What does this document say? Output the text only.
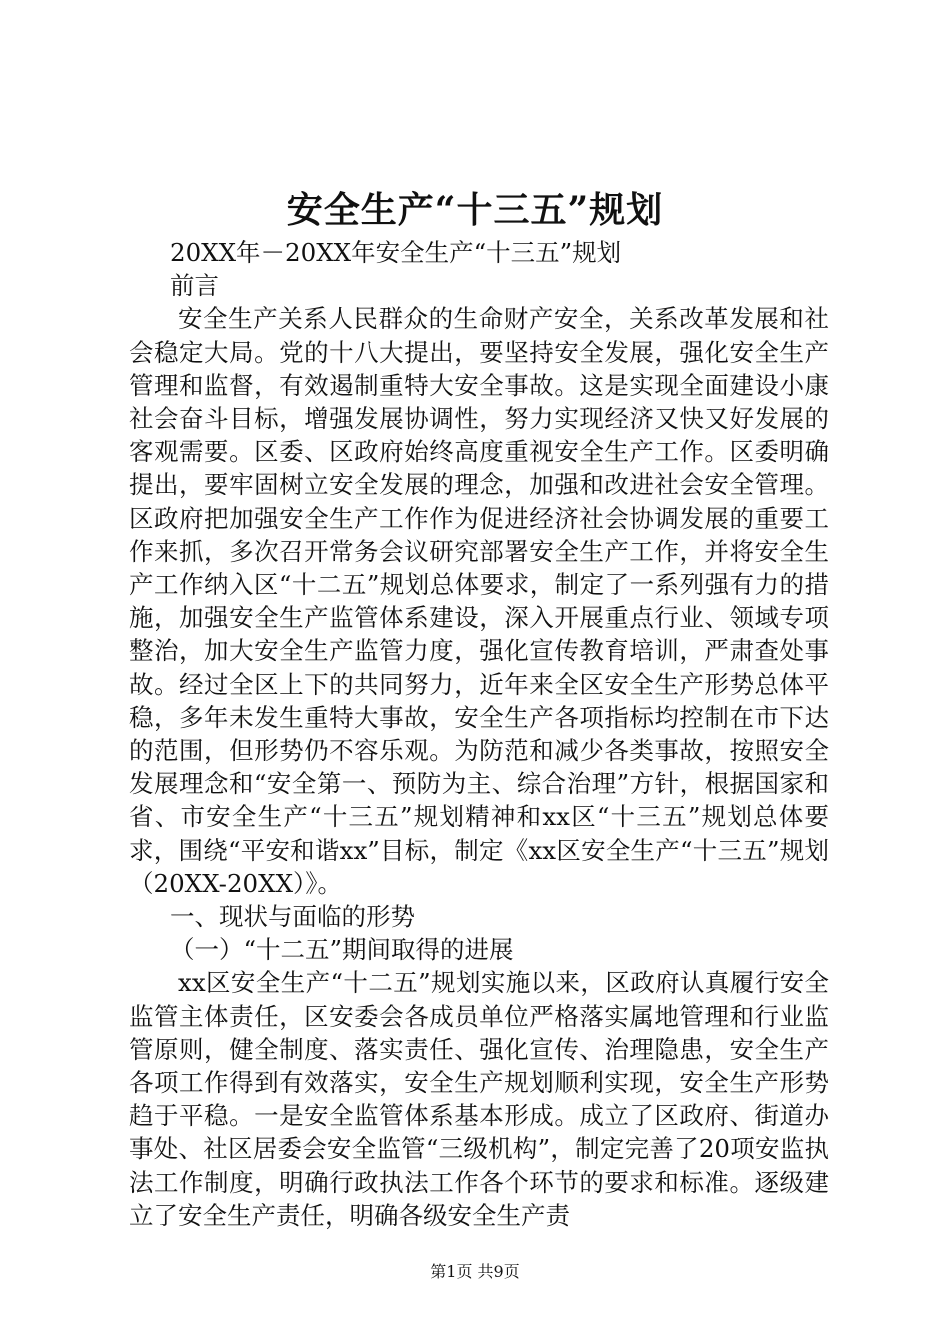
安全生产“十三五”规划

20XX年－20XX年安全生产“十三五”规划

前言

安全生产关系人民群众的生命财产安全，关系改革发展和社会稳定大局。党的十八大提出，要坚持安全发展，强化安全生产管理和监督，有效遏制重特大安全事故。这是实现全面建设小康社会奋斗目标，增强发展协调性，努力实现经济又快又好发展的客观需要。区委、区政府始终高度重视安全生产工作。区委明确提出，要牢固树立安全发展的理念，加强和改进社会安全管理。区政府把加强安全生产工作作为促进经济社会协调发展的重要工作来抓，多次召开常务会议研究部署安全生产工作，并将安全生产工作纳入区“十二五”规划总体要求，制定了一系列强有力的措施，加强安全生产监管体系建设，深入开展重点行业、领域专项整治，加大安全生产监管力度，强化宣传教育培训，严肃查处事故。经过全区上下的共同努力，近年来全区安全生产形势总体平稳，多年未发生重特大事故，安全生产各项指标均控制在市下达的范围，但形势仍不容乐观。为防范和减少各类事故，按照安全发展理念和“安全第一、预防为主、综合治理”方针，根据国家和省、市安全生产“十三五”规划精神和xx区“十三五”规划总体要求，围绕“平安和谐xx”目标，制定《xx区安全生产“十三五”规划（20XX-20XX）》。

一、现状与面临的形势

（一）“十二五”期间取得的进展

xx区安全生产“十二五”规划实施以来，区政府认真履行安全监管主体责任，区安委会各成员单位严格落实属地管理和行业监管原则，健全制度、落实责任、强化宣传、治理隐患，安全生产各项工作得到有效落实，安全生产规划顺利实现，安全生产形势趋于平稳。一是安全监管体系基本形成。成立了区政府、街道办事处、社区居委会安全监管“三级机构”，制定完善了20项安监执法工作制度，明确行政执法工作各个环节的要求和标准。逐级建立了安全生产责任，明确各级安全生产责

第1页 共9页
